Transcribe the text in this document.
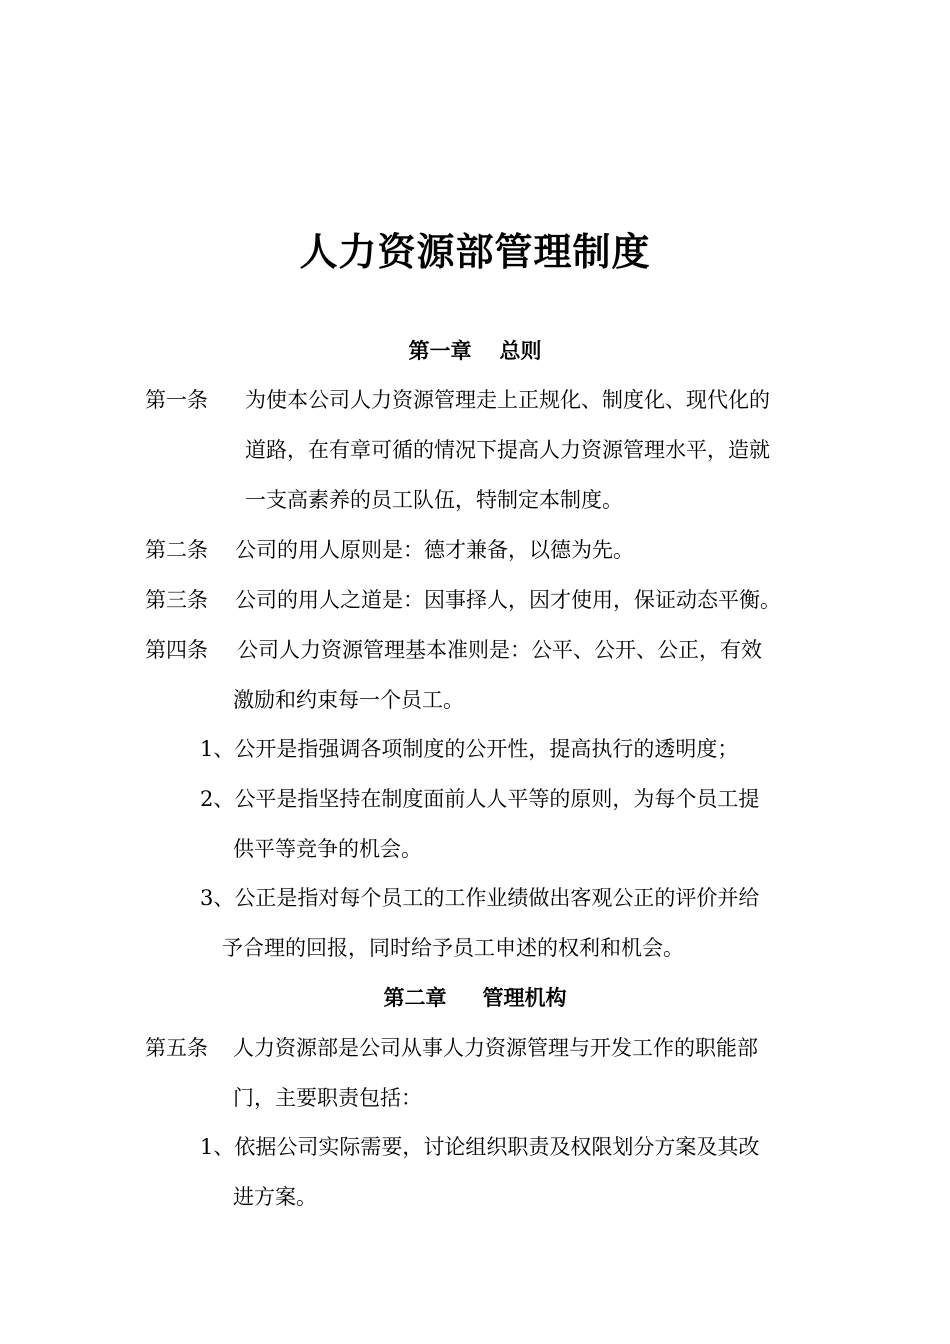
人力资源部管理制度
第一章 总则
第一条 为使本公司人力资源管理走上正规化、制度化、现代化的
道路，在有章可循的情况下提高人力资源管理水平，造就
一支高素养的员工队伍，特制定本制度。
第二条 公司的用人原则是：德才兼备，以德为先。
第三条 公司的用人之道是：因事择人，因才使用，保证动态平衡。
第四条 公司人力资源管理基本准则是：公平、公开、公正，有效
激励和约束每一个员工。
1、公开是指强调各项制度的公开性，提高执行的透明度；
2、公平是指坚持在制度面前人人平等的原则，为每个员工提
供平等竞争的机会。
3、公正是指对每个员工的工作业绩做出客观公正的评价并给
予合理的回报，同时给予员工申述的权利和机会。
第二章 管理机构
第五条 人力资源部是公司从事人力资源管理与开发工作的职能部
门，主要职责包括：
1、依据公司实际需要，讨论组织职责及权限划分方案及其改
进方案。
